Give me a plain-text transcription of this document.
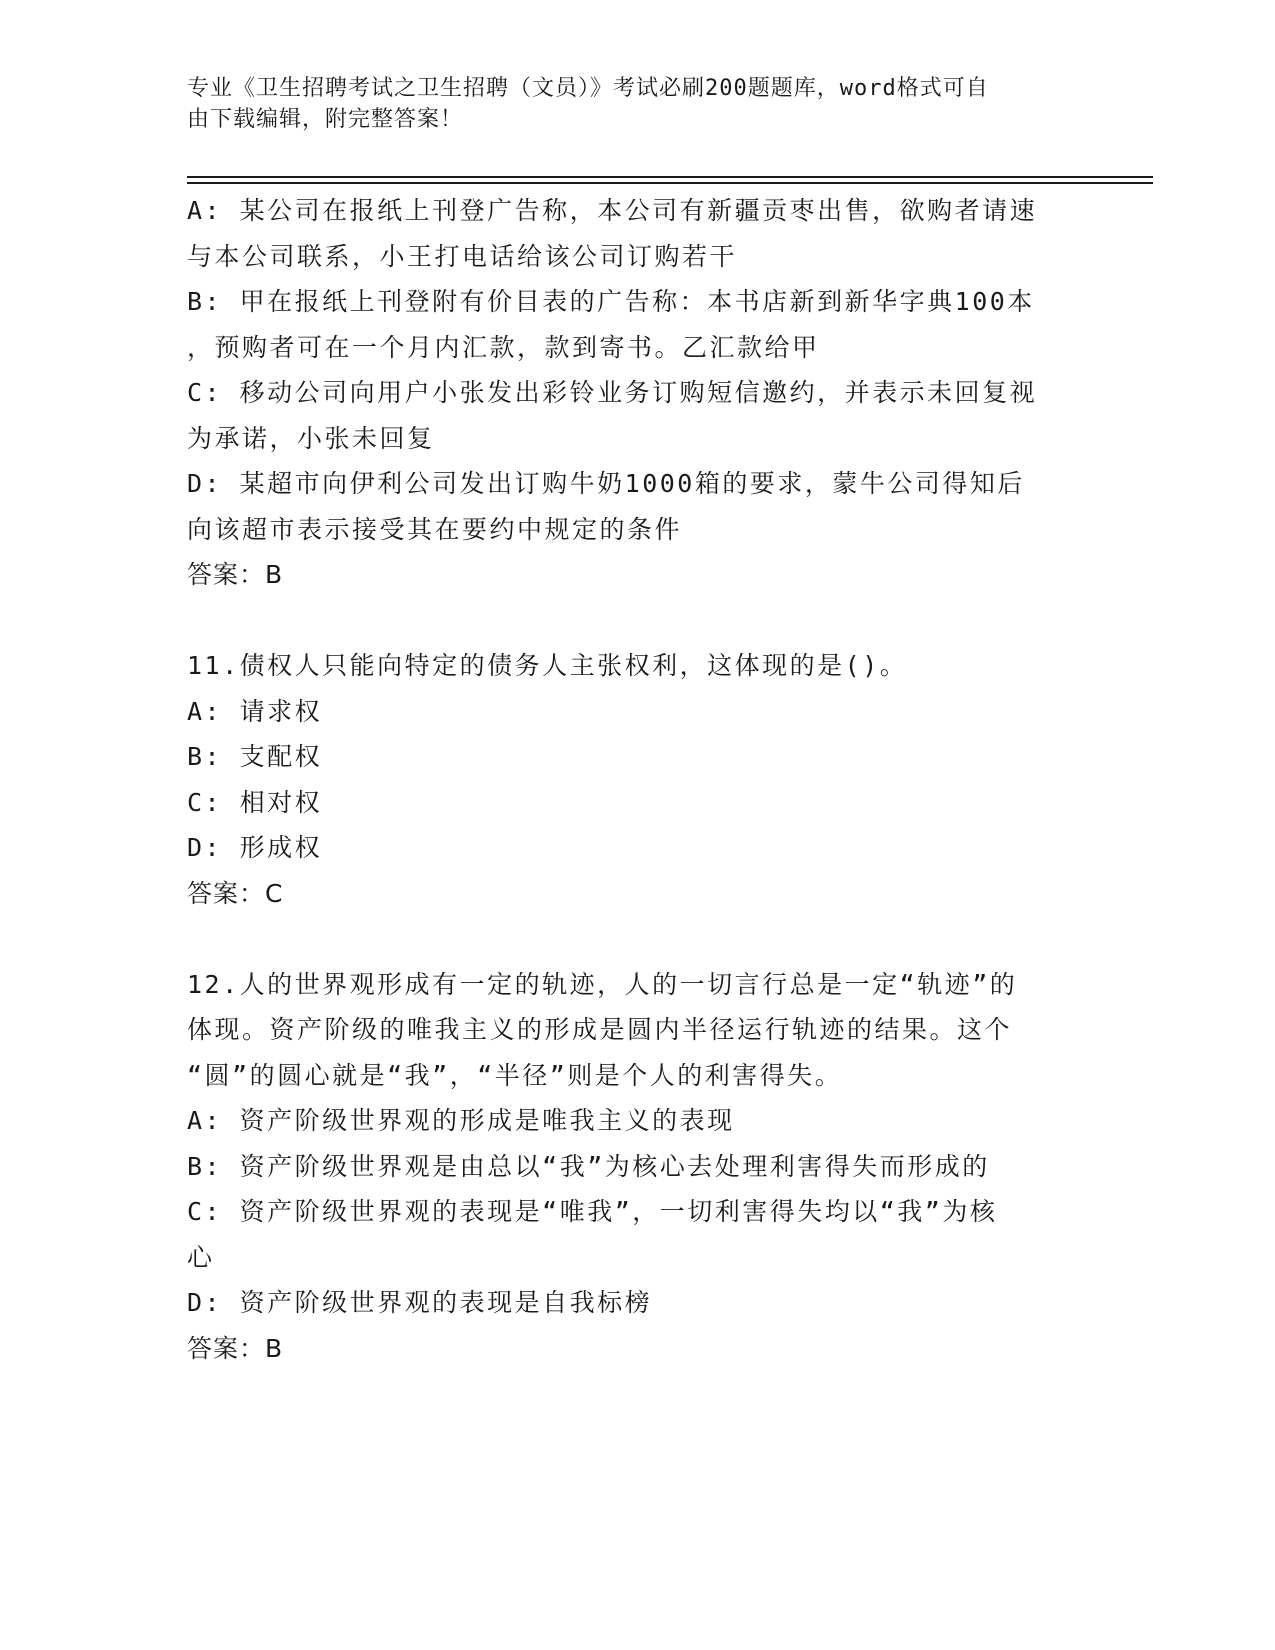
专业《卫生招聘考试之卫生招聘（文员）》考试必刷200题题库，word格式可自
由下载编辑，附完整答案！
A: 某公司在报纸上刊登广告称，本公司有新疆贡枣出售，欲购者请速
与本公司联系，小王打电话给该公司订购若干
B: 甲在报纸上刊登附有价目表的广告称：本书店新到新华字典100本
，预购者可在一个月内汇款，款到寄书。乙汇款给甲
C: 移动公司向用户小张发出彩铃业务订购短信邀约，并表示未回复视
为承诺，小张未回复
D: 某超市向伊利公司发出订购牛奶1000箱的要求，蒙牛公司得知后
向该超市表示接受其在要约中规定的条件
答案：B
11.债权人只能向特定的债务人主张权利，这体现的是()。
A: 请求权
B: 支配权
C: 相对权
D: 形成权
答案：C
12.人的世界观形成有一定的轨迹，人的一切言行总是一定“轨迹”的
体现。资产阶级的唯我主义的形成是圆内半径运行轨迹的结果。这个
“圆”的圆心就是“我”，“半径”则是个人的利害得失。
A: 资产阶级世界观的形成是唯我主义的表现
B: 资产阶级世界观是由总以“我”为核心去处理利害得失而形成的
C: 资产阶级世界观的表现是“唯我”，一切利害得失均以“我”为核
心
D: 资产阶级世界观的表现是自我标榜
答案：B
